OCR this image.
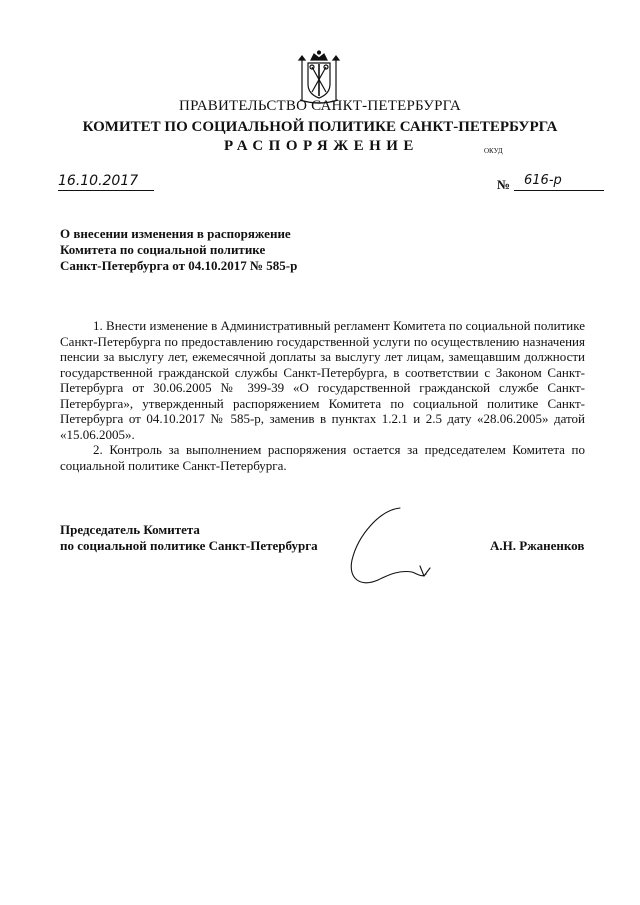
ПРАВИТЕЛЬСТВО САНКТ-ПЕТЕРБУРГА
КОМИТЕТ ПО СОЦИАЛЬНОЙ ПОЛИТИКЕ САНКТ-ПЕТЕРБУРГА
РАСПОРЯЖЕНИЕ	ОКУД
16.10.2017	№	616-р
О внесении изменения в распоряжение
Комитета по социальной политике
Санкт-Петербурга от 04.10.2017 № 585-р

1. Внести изменение в Административный регламент Комитета по социальной политике Санкт-Петербурга по предоставлению государственной услуги по осуществлению назначения пенсии за выслугу лет, ежемесячной доплаты за выслугу лет лицам, замещавшим должности государственной гражданской службы Санкт-Петербурга, в соответствии с Законом Санкт-Петербурга от 30.06.2005 № 399-39 «О государственной гражданской службе Санкт-Петербурга», утвержденный распоряжением Комитета по социальной политике Санкт-Петербурга от 04.10.2017 № 585-р, заменив в пунктах 1.2.1 и 2.5 дату «28.06.2005» датой «15.06.2005».

2. Контроль за выполнением распоряжения остается за председателем Комитета по социальной политике Санкт-Петербурга.

Председатель Комитета
по социальной политике Санкт-Петербурга	А.Н. Ржаненков
